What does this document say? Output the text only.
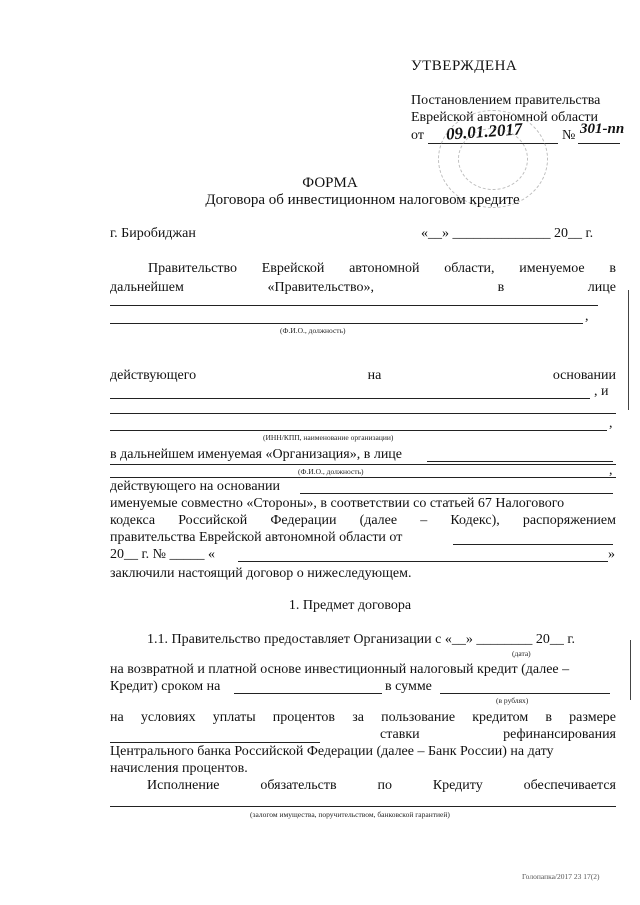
УТВЕРЖДЕНА
Постановлением правительства
Еврейской автономной области
от 09.01.2017	№ 301-пп
ФОРМА
Договора об инвестиционном налоговом кредите
г. Биробиджан	«__» ______________ 20__ г.
Правительство Еврейской автономной области, именуемое в
дальнейшем	«Правительство»,	в	лице
,
(Ф.И.О., должность)
действующего	на	основании
, и
,
(ИНН/КПП, наименование организации)
в дальнейшем именуемая «Организация», в лице
,
(Ф.И.О., должность)
действующего на основании
именуемые совместно «Стороны», в соответствии со статьей 67 Налогового
кодекса Российской Федерации (далее – Кодекс), распоряжением
правительства Еврейской автономной области от
20__ г. № _____ «	»
заключили настоящий договор о нижеследующем.
1. Предмет договора
1.1. Правительство предоставляет Организации с «__» ________ 20__ г.
(дата)
на возвратной и платной основе инвестиционный налоговый кредит (далее –
Кредит) сроком на	в сумме
(в рублях)
на условиях уплаты процентов за пользование кредитом в размере
ставки	рефинансирования
Центрального банка Российской Федерации (далее – Банк России) на дату
начисления процентов.
Исполнение	обязательств	по	Кредиту	обеспечивается
(залогом имущества, поручительством, банковской гарантией)
Голопапка/2017 23 17(2)
